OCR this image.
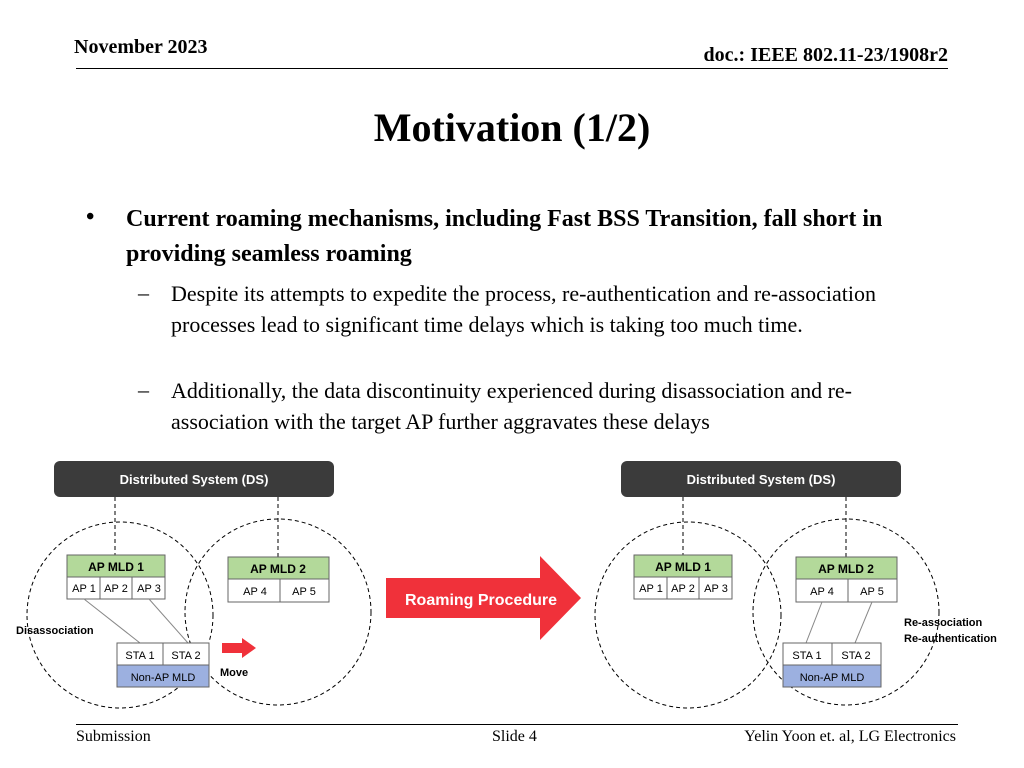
November 2023	doc.: IEEE 802.11-23/1908r2
Motivation (1/2)
• Current roaming mechanisms, including Fast BSS Transition, fall short in providing seamless roaming
– Despite its attempts to expedite the process, re-authentication and re-association processes lead to significant time delays which is taking too much time.
– Additionally, the data discontinuity experienced during disassociation and re-association with the target AP further aggravates these delays
Distributed System (DS)
AP MLD 1
AP 1 AP 2 AP 3
AP MLD 2
AP 4 AP 5
STA 1 STA 2
Non-AP MLD
Disassociation
Move
Roaming Procedure
Distributed System (DS)
AP MLD 1
AP 1 AP 2 AP 3
AP MLD 2
AP 4 AP 5
STA 1 STA 2
Non-AP MLD
Re-association
Re-authentication
Submission	Slide 4	Yelin Yoon et. al, LG Electronics
